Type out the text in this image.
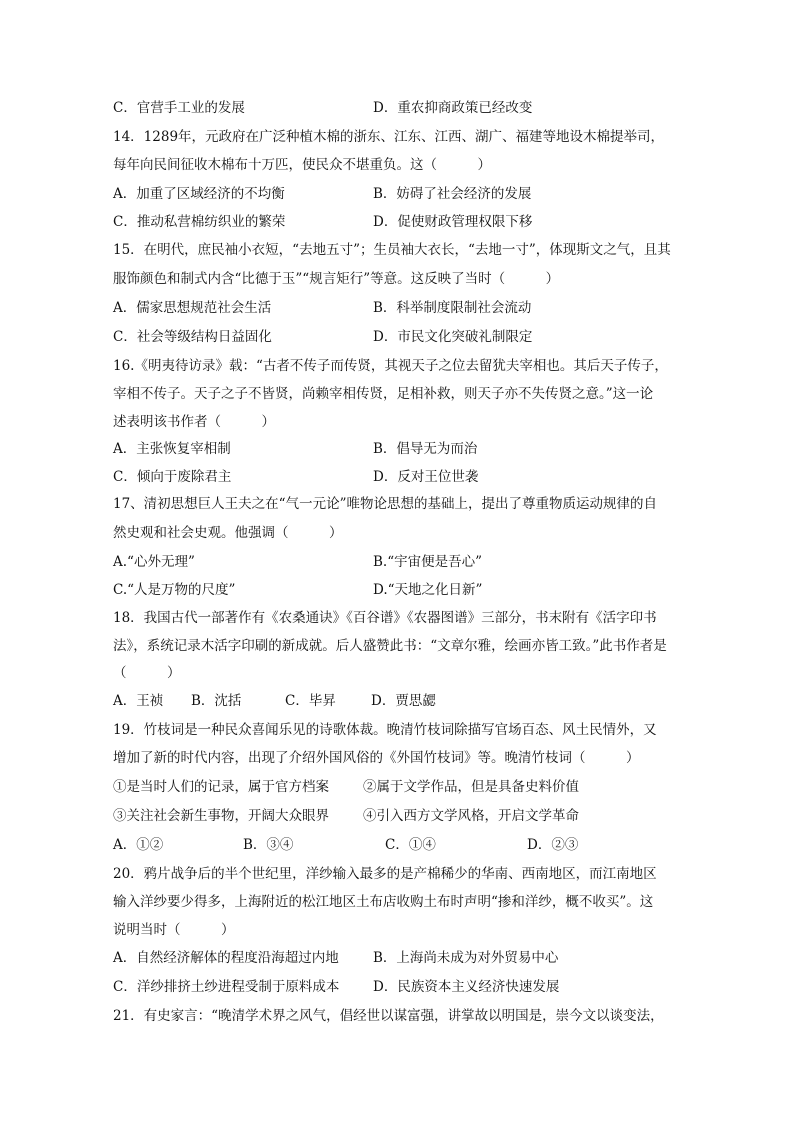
C．官营手工业的发展	D．重农抑商政策已经改变
14．1289年，元政府在广泛种植木棉的浙东、江东、江西、湖广、福建等地设木棉提举司，
每年向民间征收木棉布十万匹，使民众不堪重负。这（　　　）
A．加重了区域经济的不均衡	B．妨碍了社会经济的发展
C．推动私营棉纺织业的繁荣	D．促使财政管理权限下移
15．在明代，庶民袖小衣短，“去地五寸”；生员袖大衣长，“去地一寸”，体现斯文之气，且其
服饰颜色和制式内含“比德于玉”“规言矩行”等意。这反映了当时（　　　）
A．儒家思想规范社会生活	B．科举制度限制社会流动
C．社会等级结构日益固化	D．市民文化突破礼制限定
16.《明夷待访录》载：“古者不传子而传贤，其视天子之位去留犹夫宰相也。其后天子传子，
宰相不传子。天子之子不皆贤，尚赖宰相传贤，足相补救，则天子亦不失传贤之意。”这一论
述表明该书作者（　　　）
A．主张恢复宰相制	B．倡导无为而治
C．倾向于废除君主	D．反对王位世袭
17、清初思想巨人王夫之在“气一元论”唯物论思想的基础上，提出了尊重物质运动规律的自
然史观和社会史观。他强调（　　　）
A.“心外无理”	B.“宇宙便是吾心”
C.“人是万物的尺度”	D.“天地之化日新”
18．我国古代一部著作有《农桑通诀》《百谷谱》《农器图谱》三部分，书末附有《活字印书
法》，系统记录木活字印刷的新成就。后人盛赞此书：“文章尔雅，绘画亦皆工致。”此书作者是
（　　　）
A．王祯 B．沈括	C．毕昇	D．贾思勰
19．竹枝词是一种民众喜闻乐见的诗歌体裁。晚清竹枝词除描写官场百态、风土民情外，又
增加了新的时代内容，出现了介绍外国风俗的《外国竹枝词》等。晚清竹枝词（　　　）
①是当时人们的记录，属于官方档案	②属于文学作品，但是具备史料价值
③关注社会新生事物，开阔大众眼界	④引入西方文学风格，开启文学革命
A．①②	B．③④	C．①④	D．②③
20．鸦片战争后的半个世纪里，洋纱输入最多的是产棉稀少的华南、西南地区，而江南地区
输入洋纱要少得多，上海附近的松江地区土布店收购土布时声明“掺和洋纱，概不收买”。这
说明当时（　　　）
A．自然经济解体的程度沿海超过内地	B．上海尚未成为对外贸易中心
C．洋纱排挤土纱进程受制于原料成本 D．民族资本主义经济快速发展
21．有史家言：“晚清学术界之风气，倡经世以谋富强，讲掌故以明国是，崇今文以谈变法，
